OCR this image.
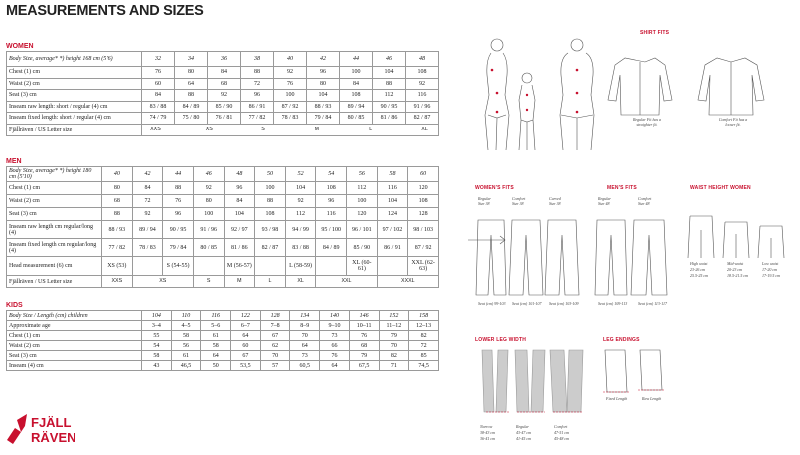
MEASUREMENTS AND SIZES
WOMEN
Body Size, average* *) height 168 cm (5'6)	32	34	36	38	40	42	44	46	48
Chest (1) cm	76	80	84	88	92	96	100	104	108
Waist (2) cm	60	64	68	72	76	80	84	88	92
Seat (3) cm	84	88	92	96	100	104	108	112	116
Inseam raw length: short / regular (4) cm	83 / 88	84 / 89	85 / 90	86 / 91	87 / 92	88 / 93	89 / 94	90 / 95	91 / 96
Inseam fixed length: short / regular (4) cm	74 / 79	75 / 80	76 / 81	77 / 82	78 / 83	79 / 84	80 / 85	81 / 86	82 / 87
Fjällräven / US Letter size		XXS		XS		S		M		L		XL
MEN
Body Size, average* *) height 180 cm (5'10)	40	42	44	46	48	50	52	54	56	58	60
Chest (1) cm	80	84	88	92	96	100	104	108	112	116	120
Waist (2) cm	68	72	76	80	84	88	92	96	100	104	108
Seat (3) cm	88	92	96	100	104	108	112	116	120	124	128
Inseam raw length cm regular/long (4)	88 / 93	89 / 94	90 / 95	91 / 96	92 / 97	93 / 98	94 / 99	95 / 100	96 / 101	97 / 102	98 / 103
Inseam fixed length cm regular/long (4)	77 / 82	78 / 83	79 / 84	80 / 85	81 / 86	82 / 87	83 / 88	84 / 89	85 / 90	86 / 91	87 / 92
Head measurement (6) cm	XS (53)		S (54-55)		M (56-57)		L (58-59)		XL (60-61)		XXL (62-63)
Fjällräven / US Letter size	XXS	XS		S	M	L	XL	XXL		XXXL	
KIDS
Body Size / Length (cm) children	104	110	116	122	128	134	140	146	152	158
Approximate age	3–4	4–5	5–6	6–7	7–8	8–9	9–10	10–11	11–12	12–13
Chest (1) cm	55	58	61	64	67	70	73	76	79	82
Waist (2) cm	54	56	58	60	62	64	66	68	70	72
Seat (3) cm	58	61	64	67	70	73	76	79	82	85
Inseam (4) cm	43	46,5	50	53,5	57	60,5	64	67,5	71	74,5
FJÄLL
RÄVEN
SHIRT FITS
WOMEN'S FITS	MEN'S FITS	WAIST HEIGHT WOMEN
LOWER LEG WIDTH	LEG ENDINGS
Regular Fit has a straighter fit.
Comfort Fit has a looser fit.
Regular
Size 38
Comfort
Size 38
Curved
Size 38
Seat (cm) 99-103	Seat (cm) 101-107 Seat (cm) 103-109
Regular
Size 48
Comfort
Size 48
Seat (cm) 109-113	Seat (cm) 113-117
High waist
23-26 cm
25.5-25 cm
Mid-waist
20-23 cm
18.5-21.5 cm
Low waist
17-20 cm
17-19.5 cm
Narrow
38-43 cm
36-41 cm
Regular
43-47 cm
41-45 cm
Comfort
47-51 cm
45-48 cm
Fixed Length	Raw Length
